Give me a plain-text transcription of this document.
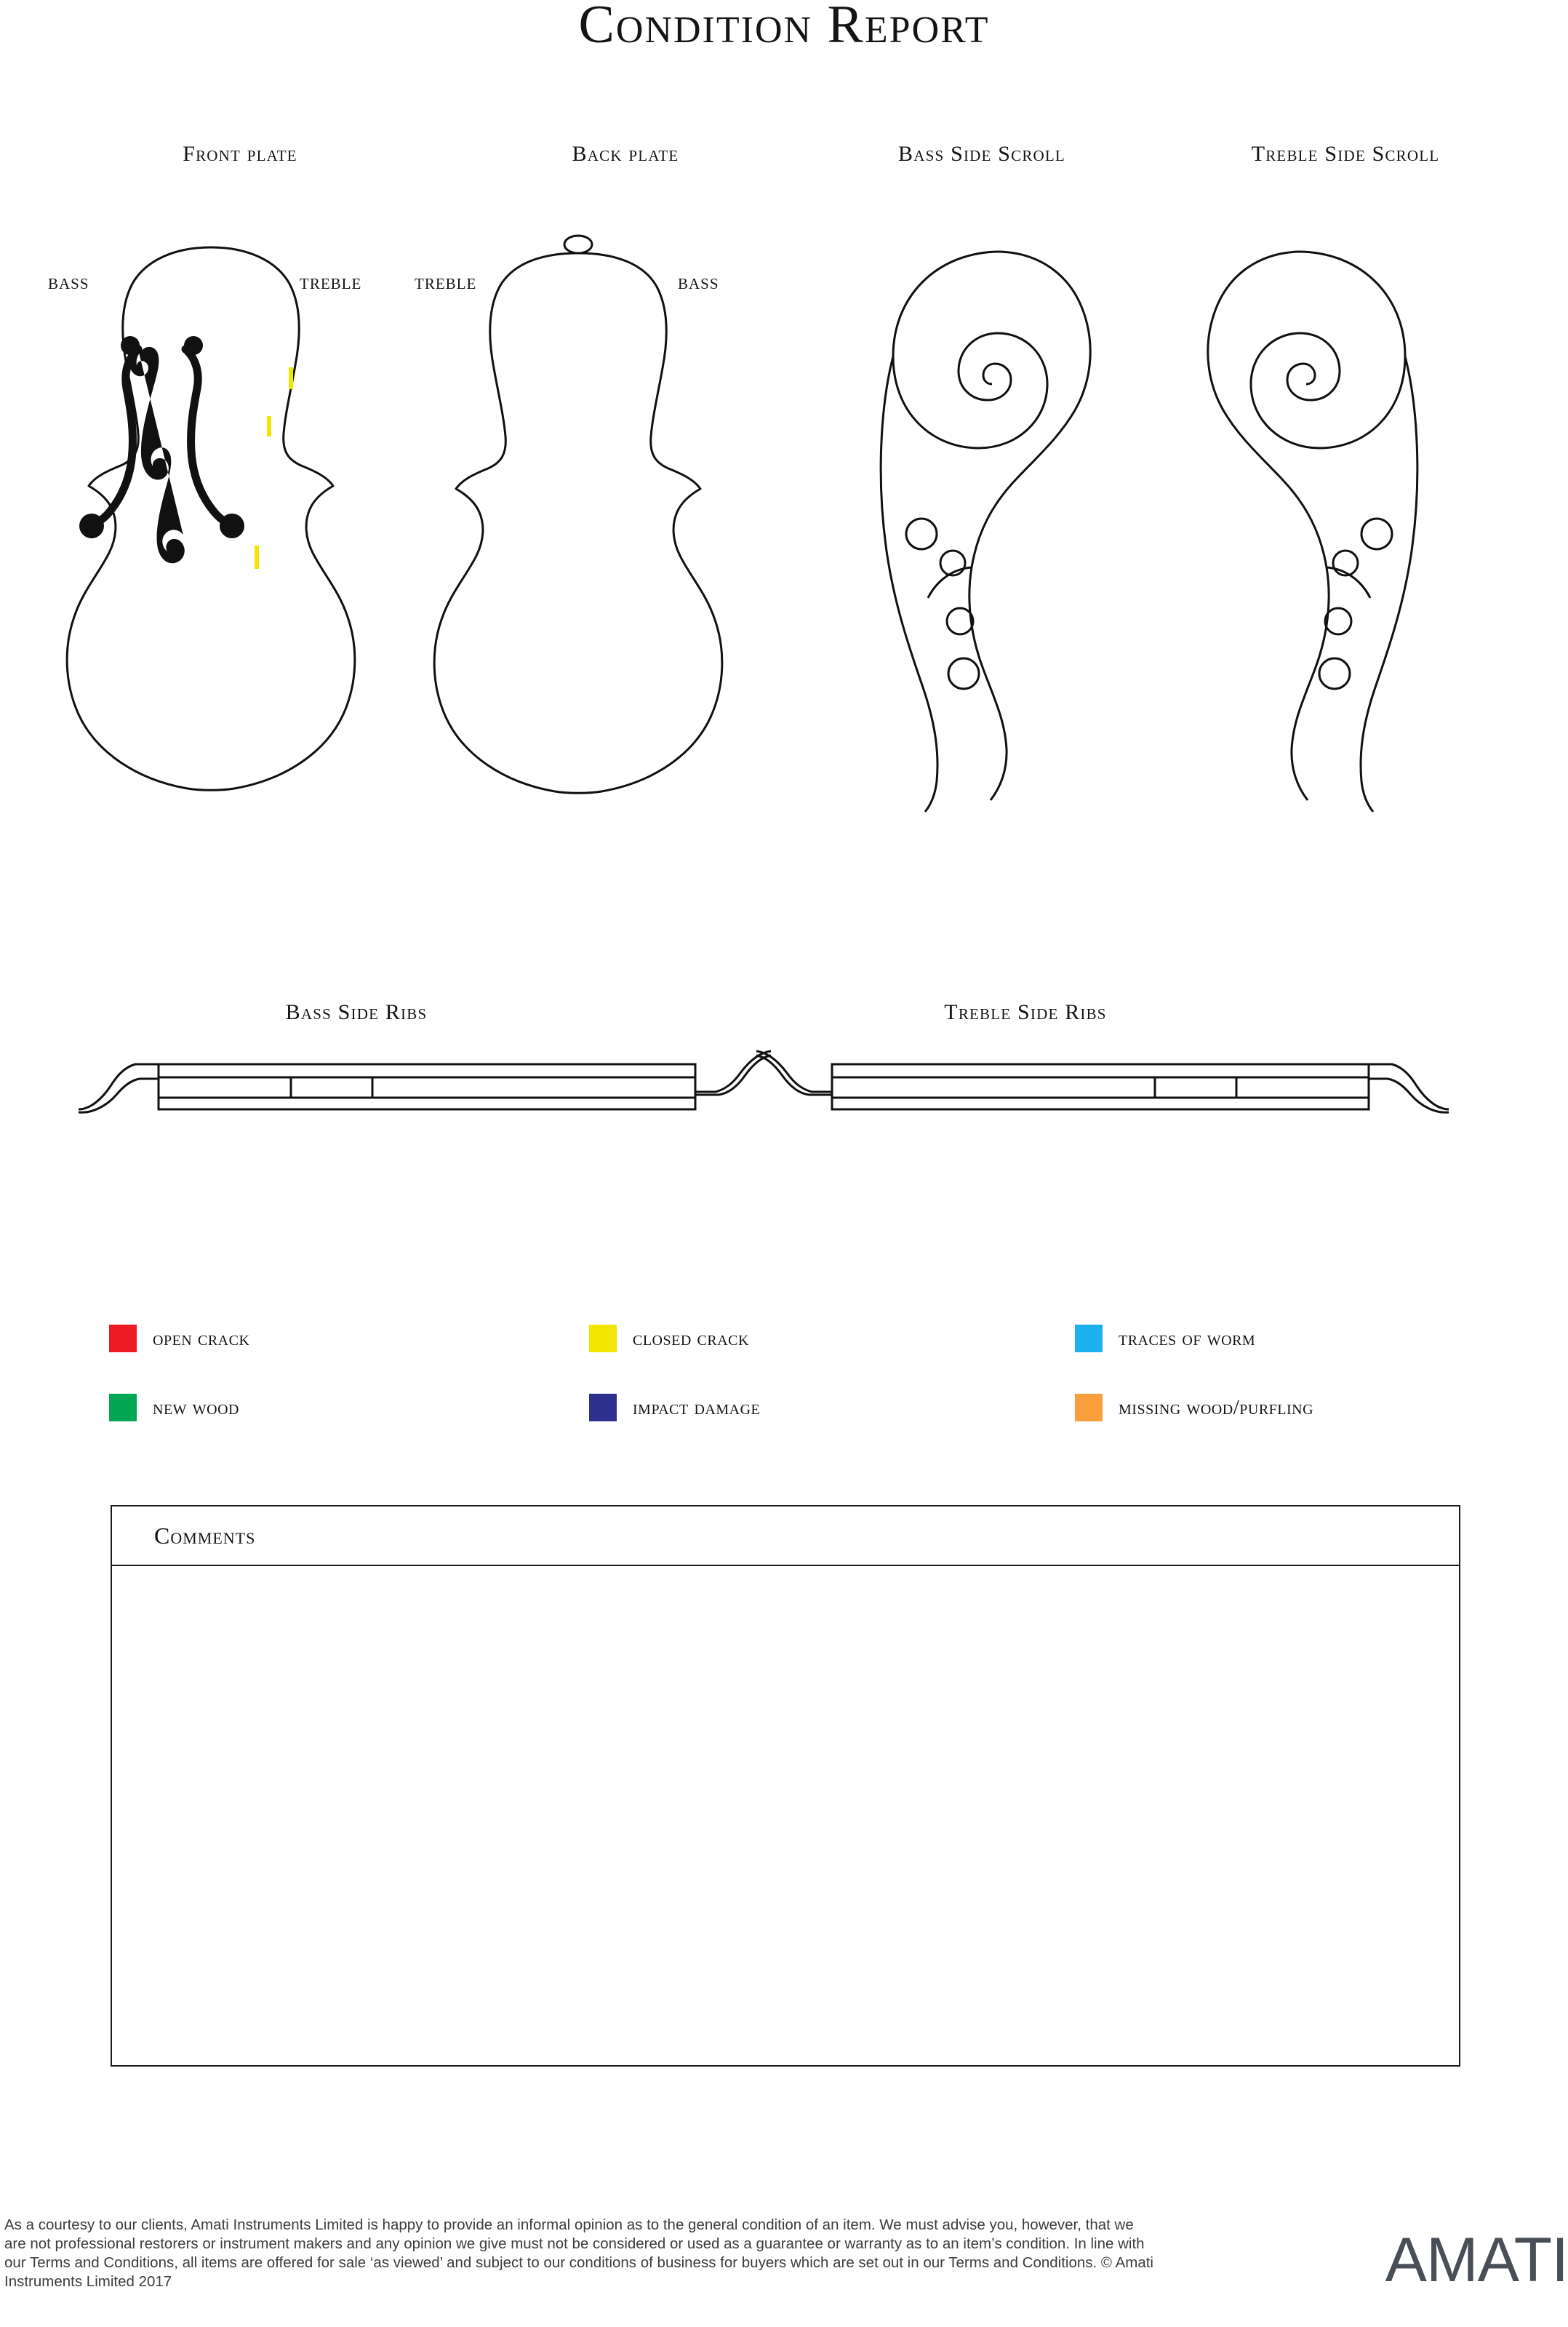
Condition Report
Front plate	Back plate	Bass Side Scroll	Treble Side Scroll
BASS	TREBLE	TREBLE	BASS
Bass Side Ribs	Treble Side Ribs
open crack	closed crack	traces of worm
new wood	impact damage	missing wood/purfling
Comments
As a courtesy to our clients, Amati Instruments Limited is happy to provide an informal opinion as to the general condition of an item. We must advise you, however, that we are not professional restorers or instrument makers and any opinion we give must not be considered or used as a guarantee or warranty as to an item’s condition. In line with our Terms and Conditions, all items are offered for sale ‘as viewed’ and subject to our conditions of business for buyers which are set out in our Terms and Conditions. © Amati Instruments Limited 2017	AMATI
